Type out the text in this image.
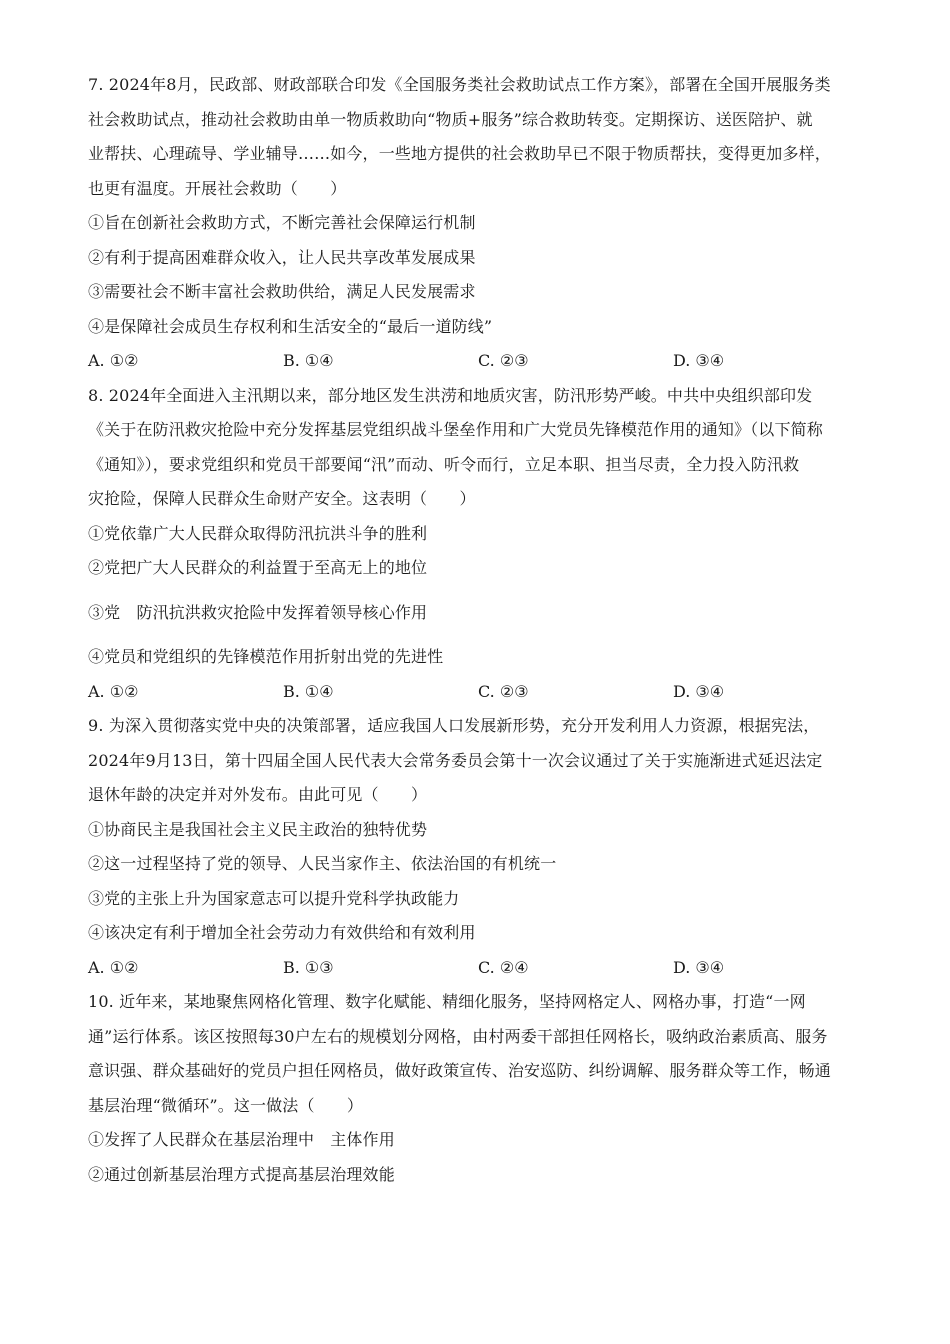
7. 2024年8月，民政部、财政部联合印发《全国服务类社会救助试点工作方案》，部署在全国开展服务类
社会救助试点，推动社会救助由单一物质救助向“物质+服务”综合救助转变。定期探访、送医陪护、就
业帮扶、心理疏导、学业辅导……如今，一些地方提供的社会救助早已不限于物质帮扶，变得更加多样，
也更有温度。开展社会救助（　　）
①旨在创新社会救助方式，不断完善社会保障运行机制
②有利于提高困难群众收入，让人民共享改革发展成果
③需要社会不断丰富社会救助供给，满足人民发展需求
④是保障社会成员生存权利和生活安全的“最后一道防线”
A. ①②	B. ①④	C. ②③	D. ③④
8. 2024年全面进入主汛期以来，部分地区发生洪涝和地质灾害，防汛形势严峻。中共中央组织部印发
《关于在防汛救灾抢险中充分发挥基层党组织战斗堡垒作用和广大党员先锋模范作用的通知》（以下简称
《通知》），要求党组织和党员干部要闻“汛”而动、听令而行，立足本职、担当尽责，全力投入防汛救
灾抢险，保障人民群众生命财产安全。这表明（　　）
①党依靠广大人民群众取得防汛抗洪斗争的胜利
②党把广大人民群众的利益置于至高无上的地位
③党　防汛抗洪救灾抢险中发挥着领导核心作用
④党员和党组织的先锋模范作用折射出党的先进性
A. ①②	B. ①④	C. ②③	D. ③④
9. 为深入贯彻落实党中央的决策部署，适应我国人口发展新形势，充分开发利用人力资源，根据宪法，
2024年9月13日，第十四届全国人民代表大会常务委员会第十一次会议通过了关于实施渐进式延迟法定
退休年龄的决定并对外发布。由此可见（　　）
①协商民主是我国社会主义民主政治的独特优势
②这一过程坚持了党的领导、人民当家作主、依法治国的有机统一
③党的主张上升为国家意志可以提升党科学执政能力
④该决定有利于增加全社会劳动力有效供给和有效利用
A. ①②	B. ①③	C. ②④	D. ③④
10. 近年来，某地聚焦网格化管理、数字化赋能、精细化服务，坚持网格定人、网格办事，打造“一网
通”运行体系。该区按照每30户左右的规模划分网格，由村两委干部担任网格长，吸纳政治素质高、服务
意识强、群众基础好的党员户担任网格员，做好政策宣传、治安巡防、纠纷调解、服务群众等工作，畅通
基层治理“微循环”。这一做法（　　）
①发挥了人民群众在基层治理中　主体作用
②通过创新基层治理方式提高基层治理效能
